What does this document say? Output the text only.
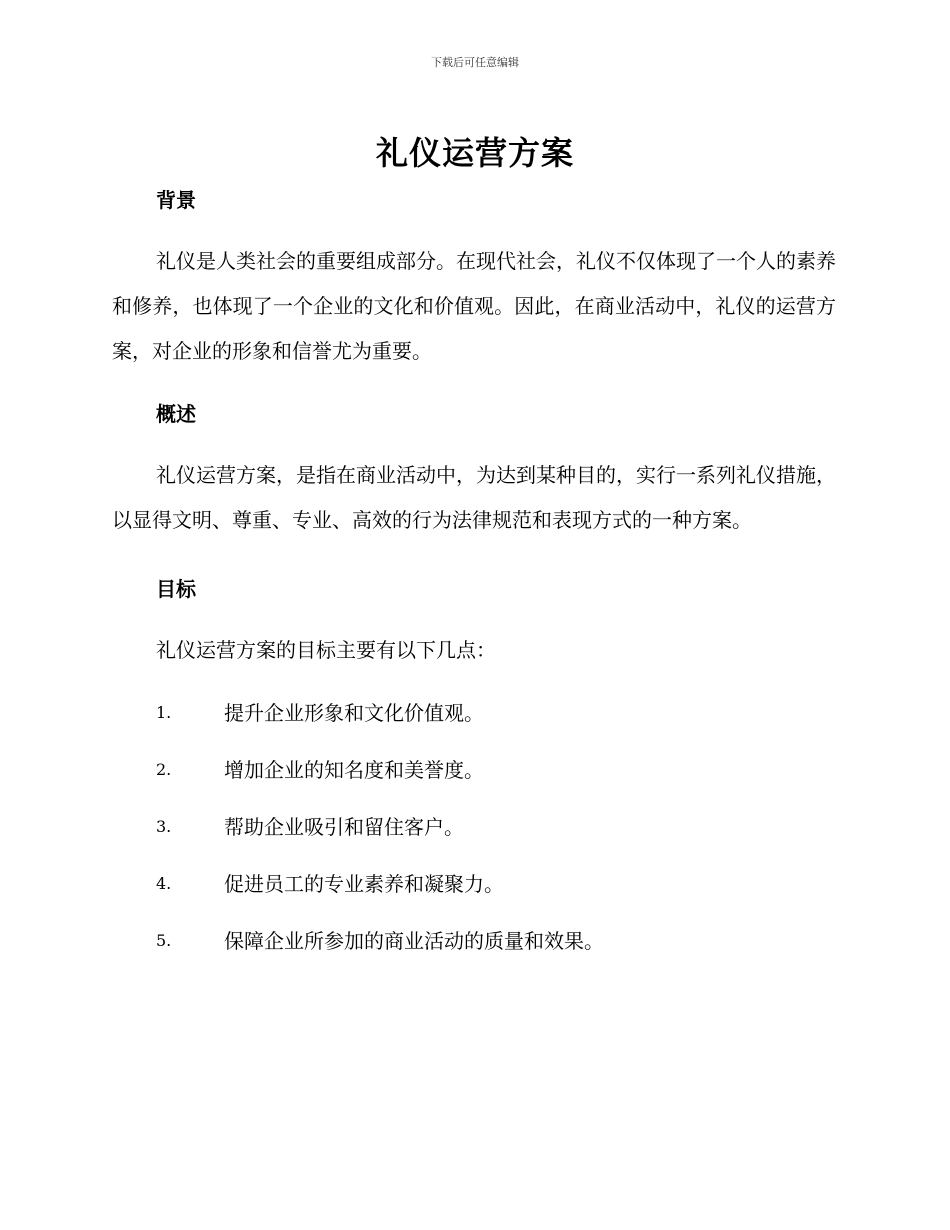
下载后可任意编辑
礼仪运营方案
背景

礼仪是人类社会的重要组成部分。在现代社会，礼仪不仅体现了一个人的素养和修养，也体现了一个企业的文化和价值观。因此，在商业活动中，礼仪的运营方案，对企业的形象和信誉尤为重要。

概述

礼仪运营方案，是指在商业活动中，为达到某种目的，实行一系列礼仪措施，以显得文明、尊重、专业、高效的行为法律规范和表现方式的一种方案。

目标

礼仪运营方案的目标主要有以下几点：

1.	提升企业形象和文化价值观。
2.	增加企业的知名度和美誉度。
3.	帮助企业吸引和留住客户。
4.	促进员工的专业素养和凝聚力。
5.	保障企业所参加的商业活动的质量和效果。
